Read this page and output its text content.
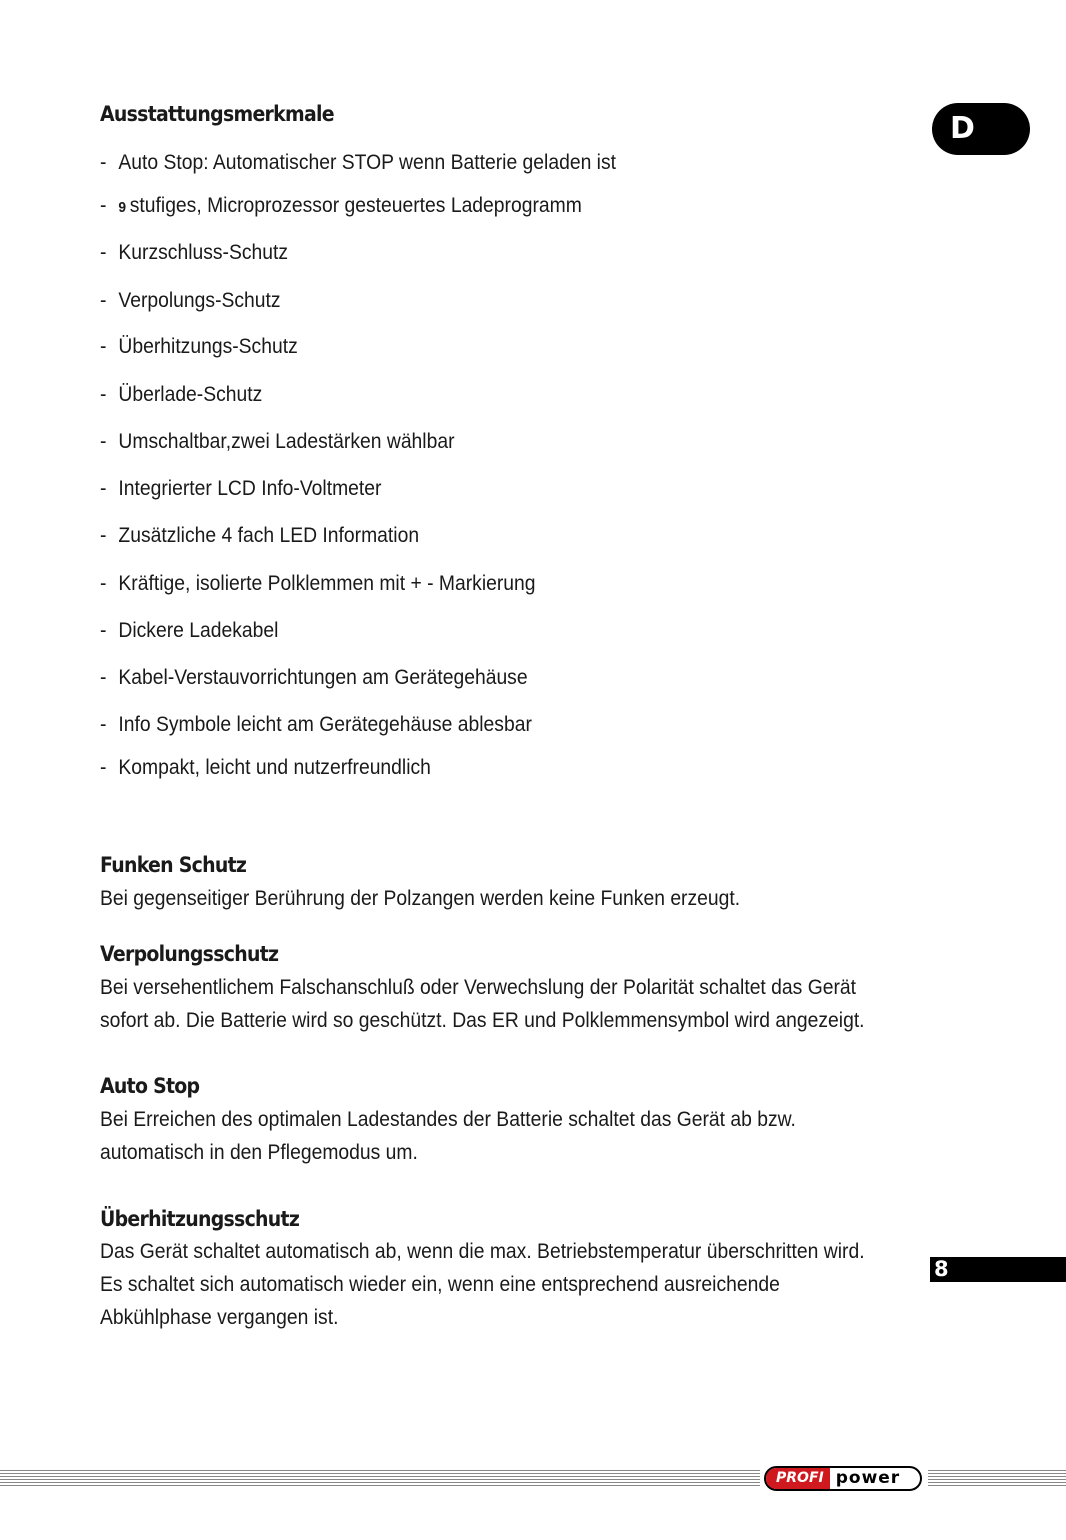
D
Ausstattungsmerkmale

- Auto Stop: Automatischer STOP wenn Batterie geladen ist

- 9 stufiges, Microprozessor gesteuertes Ladeprogramm

- Kurzschluss-Schutz

- Verpolungs-Schutz

- Überhitzungs-Schutz

- Überlade-Schutz

- Umschaltbar,zwei Ladestärken wählbar

- Integrierter LCD Info-Voltmeter

- Zusätzliche 4 fach LED Information

- Kräftige, isolierte Polklemmen mit + - Markierung

- Dickere Ladekabel

- Kabel-Verstauvorrichtungen am Gerätegehäuse

- Info Symbole leicht am Gerätegehäuse ablesbar

- Kompakt, leicht und nutzerfreundlich

Funken Schutz

Bei gegenseitiger Berührung der Polzangen werden keine Funken erzeugt.

Verpolungsschutz

Bei versehentlichem Falschanschluß oder Verwechslung der Polarität schaltet das Gerät
sofort ab. Die Batterie wird so geschützt. Das ER und Polklemmensymbol wird angezeigt.

Auto Stop

Bei Erreichen des optimalen Ladestandes der Batterie schaltet das Gerät ab bzw.
automatisch in den Pflegemodus um.

Überhitzungsschutz

Das Gerät schaltet automatisch ab, wenn die max. Betriebstemperatur überschritten wird.
Es schaltet sich automatisch wieder ein, wenn eine entsprechend ausreichende
Abkühlphase vergangen ist.

8
PROFI power
